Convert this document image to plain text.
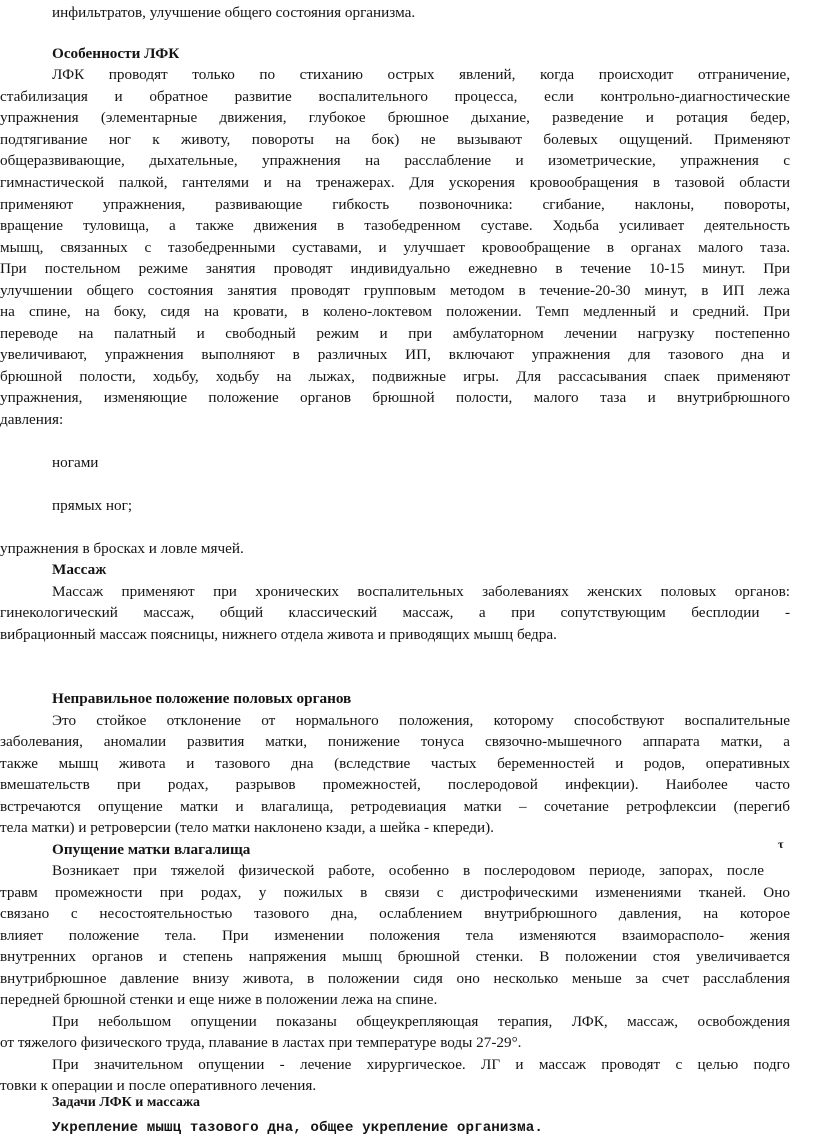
инфильтратов, улучшение общего состояния организма.
Особенности ЛФК
ЛФК проводят только по стиханию острых явлений, когда происходит отграничение,
стабилизация и обратное развитие воспалительного процесса, если контрольно-диагностические
упражнения (элементарные движения, глубокое брюшное дыхание, разведение и ротация бедер,
подтягивание ног к животу, повороты на бок) не вызывают болевых ощущений. Применяют
общеразвивающие, дыхательные, упражнения на расслабление и изометрические, упражнения с
гимнастической палкой, гантелями и на тренажерах. Для ускорения кровообращения в тазовой области
применяют упражнения, развивающие гибкость позвоночника: сгибание, наклоны, повороты,
вращение туловища, а также движения в тазобедренном суставе. Ходьба усиливает деятельность
мышц, связанных с тазобедренными суставами, и улучшает кровообращение в органах малого таза.
При постельном режиме занятия проводят индивидуально ежедневно в течение 10-15 минут. При
улучшении общего состояния занятия проводят групповым методом в течение-20-30 минут, в ИП лежа
на спине, на боку, сидя на кровати, в колено-локтевом положении. Темп медленный и средний. При
переводе на палатный и свободный режим и при амбулаторном лечении нагрузку постепенно
увеличивают, упражнения выполняют в различных ИП, включают упражнения для тазового дна и
брюшной полости, ходьбу, ходьбу на лыжах, подвижные игры. Для рассасывания спаек применяют
упражнения, изменяющие положение органов брюшной полости, малого таза и внутрибрюшного
давления:
ногами
прямых ног;
упражнения в бросках и ловле мячей.
Массаж
Массаж применяют при хронических воспалительных заболеваниях женских половых органов:
гинекологический массаж, общий классический массаж, а при сопутствующим бесплодии -
вибрационный массаж поясницы, нижнего отдела живота и приводящих мышц бедра.
Неправильное положение половых органов
Это стойкое отклонение от нормального положения, которому способствуют воспалительные
заболевания, аномалии развития матки, понижение тонуса связочно-мышечного аппарата матки, а
также мышц живота и тазового дна (вследствие частых беременностей и родов, оперативных
вмешательств при родах, разрывов промежностей, послеродовой инфекции). Наиболее часто
встречаются опущение матки и влагалища, ретродевиация матки – сочетание ретрофлексии (перегиб
тела матки) и ретроверсии (тело матки наклонено кзади, а шейка - кпереди).
Опущение матки влагалища
Возникает при тяжелой физической работе, особенно в послеродовом периоде, запорах, после
травм промежности при родах, у пожилых в связи с дистрофическими изменениями тканей. Оно
связано с несостоятельностью тазового дна, ослаблением внутрибрюшного давления, на которое
влияет положение тела. При изменении положения тела изменяются взаиморасполо- жения
внутренних органов и степень напряжения мышц брюшной стенки. В положении стоя увеличивается
внутрибрюшное давление внизу живота, в положении сидя оно несколько меньше за счет расслабления
передней брюшной стенки и еще ниже в положении лежа на спине.
При небольшом опущении показаны общеукрепляющая терапия, ЛФК, массаж, освобождения
от тяжелого физического труда, плавание в ластах при температуре воды 27-29°.
При значительном опущении - лечение хирургическое. ЛГ и массаж проводят с целью подго
товки к операции и после оперативного лечения.
Задачи ЛФК и массажа
Укрепление мышц тазового дна, общее укрепление организма.
τ
